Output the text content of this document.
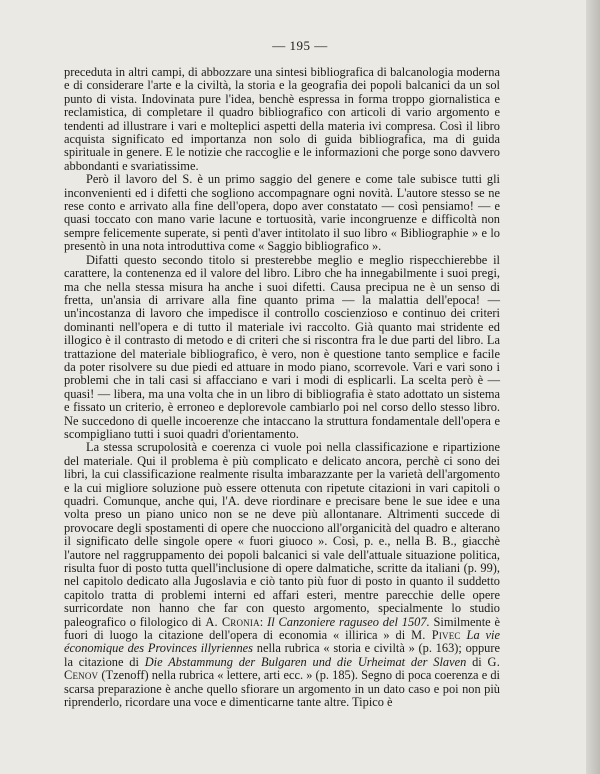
— 195 —

preceduta in altri campi, di abbozzare una sintesi bibliografica di balcanologia moderna e di considerare l'arte e la civiltà, la storia e la geografia dei popoli balcanici da un sol punto di vista. Indovinata pure l'idea, benchè espressa in forma troppo giornalistica e reclamistica, di completare il quadro bibliografico con articoli di vario argomento e tendenti ad illustrare i vari e molteplici aspetti della materia ivi compresa. Così il libro acquista significato ed importanza non solo di guida bibliografica, ma di guida spirituale in genere. E le notizie che raccoglie e le informazioni che porge sono davvero abbondanti e svariatissime.

Però il lavoro del S. è un primo saggio del genere e come tale subisce tutti gli inconvenienti ed i difetti che sogliono accompagnare ogni novità. L'autore stesso se ne rese conto e arrivato alla fine dell'opera, dopo aver constatato — così pensiamo! — e quasi toccato con mano varie lacune e tortuosità, varie incongruenze e difficoltà non sempre felicemente superate, si pentì d'aver intitolato il suo libro « Bibliographie » e lo presentò in una nota introduttiva come « Saggio bibliografico ».

Difatti questo secondo titolo si presterebbe meglio e meglio rispecchierebbe il carattere, la contenenza ed il valore del libro. Libro che ha innegabilmente i suoi pregi, ma che nella stessa misura ha anche i suoi difetti. Causa precipua ne è un senso di fretta, un'ansia di arrivare alla fine quanto prima — la malattia dell'epoca! — un'incostanza di lavoro che impedisce il controllo coscienzioso e continuo dei criteri dominanti nell'opera e di tutto il materiale ivi raccolto. Già quanto mai stridente ed illogico è il contrasto di metodo e di criteri che si riscontra fra le due parti del libro. La trattazione del materiale bibliografico, è vero, non è questione tanto semplice e facile da poter risolvere su due piedi ed attuare in modo piano, scorrevole. Vari e vari sono i problemi che in tali casi si affacciano e vari i modi di esplicarli. La scelta però è — quasi! — libera, ma una volta che in un libro di bibliografia è stato adottato un sistema e fissato un criterio, è erroneo e deplorevole cambiarlo poi nel corso dello stesso libro. Ne succedono di quelle incoerenze che intaccano la struttura fondamentale dell'opera e scompigliano tutti i suoi quadri d'orientamento.

La stessa scrupolosità e coerenza ci vuole poi nella classificazione e ripartizione del materiale. Qui il problema è più complicato e delicato ancora, perchè ci sono dei libri, la cui classificazione realmente risulta imbarazzante per la varietà dell'argomento e la cui migliore soluzione può essere ottenuta con ripetute citazioni in vari capitoli o quadri. Comunque, anche qui, l'A. deve riordinare e precisare bene le sue idee e una volta preso un piano unico non se ne deve più allontanare. Altrimenti succede di provocare degli spostamenti di opere che nuocciono all'organicità del quadro e alterano il significato delle singole opere « fuori giuoco ». Così, p. e., nella B. B., giacchè l'autore nel raggruppamento dei popoli balcanici si vale dell'attuale situazione politica, risulta fuor di posto tutta quell'inclusione di opere dalmatiche, scritte da italiani (p. 99), nel capitolo dedicato alla Jugoslavia e ciò tanto più fuor di posto in quanto il suddetto capitolo tratta di problemi interni ed affari esteri, mentre parecchie delle opere surricordate non hanno che far con questo argomento, specialmente lo studio paleografico o filologico di A. Cronia: Il Canzoniere raguseo del 1507. Similmente è fuori di luogo la citazione dell'opera di economia « illirica » di M. Pivec La vie économique des Provinces illyriennes nella rubrica « storia e civiltà » (p. 163); oppure la citazione di Die Abstammung der Bulgaren und die Urheimat der Slaven di G. Cenov (Tzenoff) nella rubrica « lettere, arti ecc. » (p. 185). Segno di poca coerenza e di scarsa preparazione è anche quello sfiorare un argomento in un dato caso e poi non più riprenderlo, ricordare una voce e dimenticarne tante altre. Tipico è
